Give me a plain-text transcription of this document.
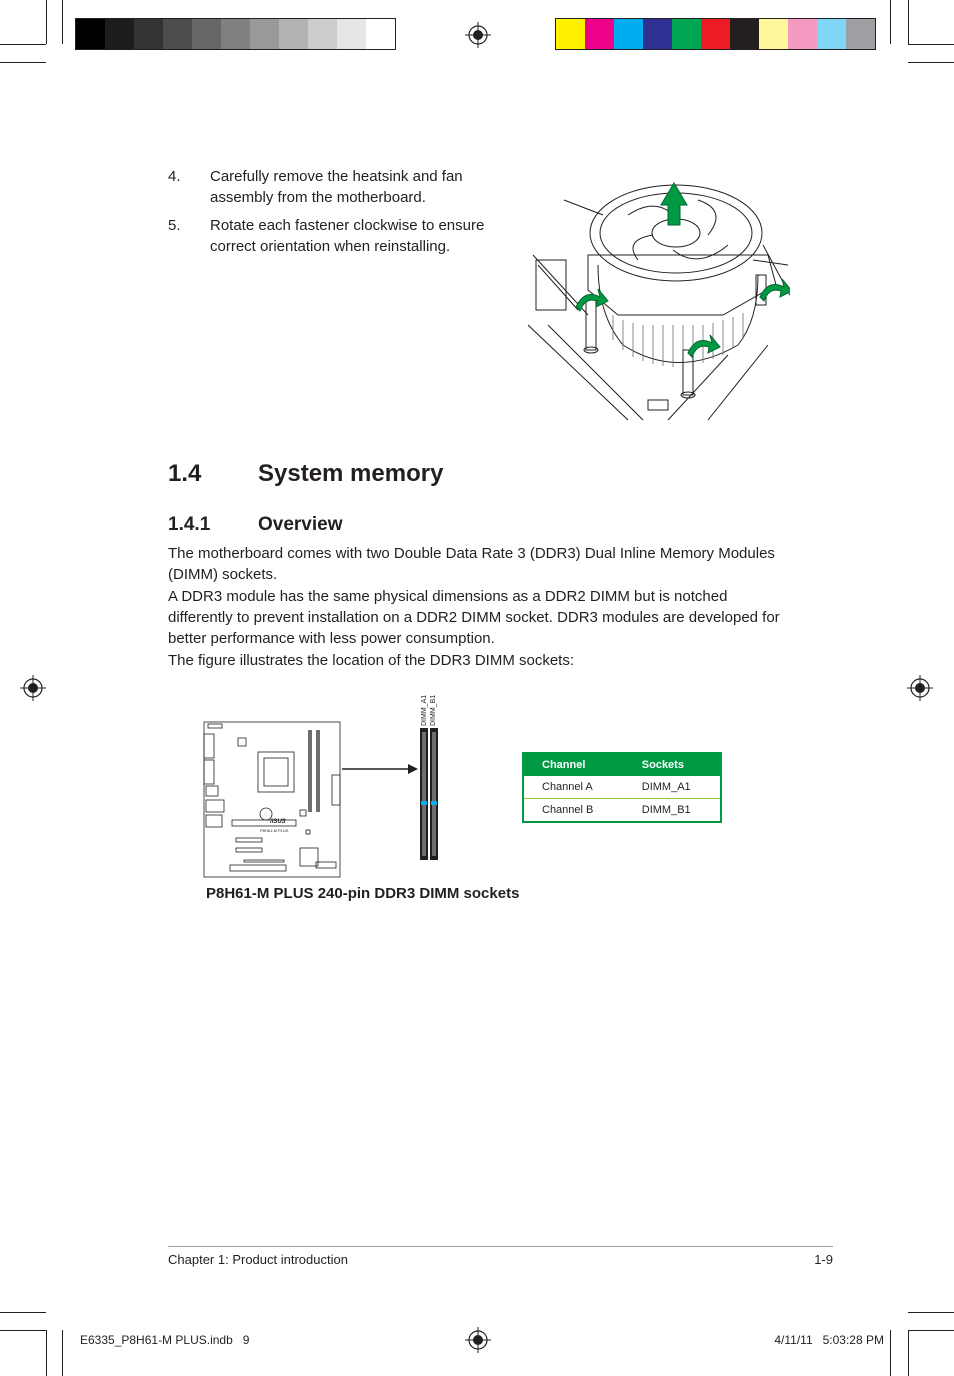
4. Carefully remove the heatsink and fan assembly from the motherboard.
5. Rotate each fastener clockwise to ensure correct orientation when reinstalling.
1.4 System memory
1.4.1	Overview
The motherboard comes with two Double Data Rate 3 (DDR3) Dual Inline Memory Modules (DIMM) sockets.
A DDR3 module has the same physical dimensions as a DDR2 DIMM but is notched differently to prevent installation on a DDR2 DIMM socket. DDR3 modules are developed for better performance with less power consumption.
The figure illustrates the location of the DDR3 DIMM sockets:
/ISUS
P8H61-M PLUS
DIMM_A1 DIMM_B1
Channel	Sockets
Channel A	DIMM_A1
Channel B	DIMM_B1
P8H61-M PLUS 240-pin DDR3 DIMM sockets
Chapter 1: Product introduction	1-9
E6335_P8H61-M PLUS.indb   9	4/11/11   5:03:28 PM
